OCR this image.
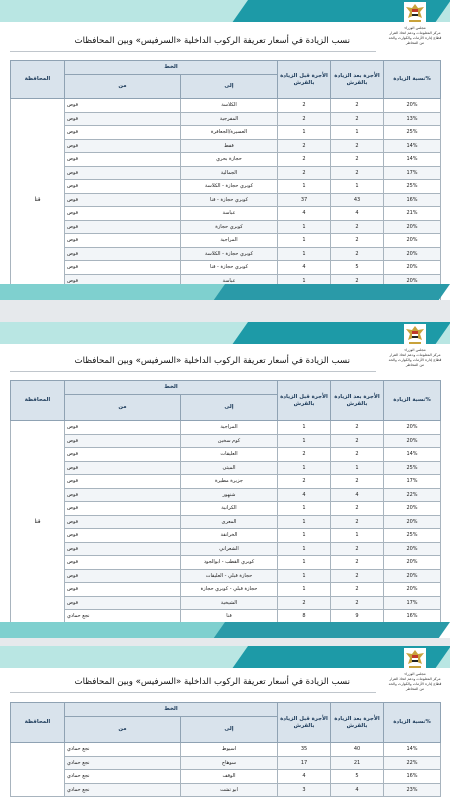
مجلس الوزراء
مركز المعلومات ودعم اتخاذ القرار
قطاع إدارة الأزمات والكوارث والحد من المخاطر
نسب الزيادة في أسعار تعريفة الركوب الداخلية «السرفيس» وبين المحافظات
%نسبة الزيادة	الأجرة بعد الزيادة بالقرش	الأجرة قبل الزيادة بالقرش	الخط		المحافظة
			إلى	من	
20%	2	2	الكلاسة	قوص	قنا
13%	2	2	المفرجية	قوص	
25%	1	1	العسيرة/الجعافرة	قوص	
14%	2	2	قفط	قوص	
14%	2	2	حجازة بحري	قوص	
17%	2	2	الجمالية	قوص	
25%	1	1	كوبري حجازة - الكلاسة	قوص	
16%	43	37	كوبري حجازة - قنا	قوص	
21%	4	4	عباسة	قوص	
20%	2	1	كوبري حجازة	قوص	
20%	2	1	المراجية	قوص	
20%	2	1	كوبري حجازة - الكلاسة	قوص	
20%	5	4	كوبري حجازة - قنا	قوص	
20%	2	1	عباسة	قوص	

مجلس الوزراء
مركز المعلومات ودعم اتخاذ القرار
قطاع إدارة الأزمات والكوارث والحد من المخاطر
نسب الزيادة في أسعار تعريفة الركوب الداخلية «السرفيس» وبين المحافظات
%نسبة الزيادة	الأجرة بعد الزيادة بالقرش	الأجرة قبل الزيادة بالقرش	الخط		المحافظة
			إلى	من	
20%	2	1	المراجية	قوص	قنا
20%	2	1	كوم سخين	قوص	
14%	2	2	العليقات	قوص	
25%	1	1	الميثى	قوص	
17%	2	2	جزيرة مطيرة	قوص	
22%	4	4	شنهور	قوص	
20%	2	1	الكرانية	قوص	
20%	2	1	المعرى	قوص	
25%	1	1	الخرانقة	قوص	
20%	2	1	الشعراني	قوص	
20%	2	1	كوبري القطب - ابوالجود	قوص	
20%	2	1	حجازة قبلي - العليقات	قوص	
20%	2	1	حجازة قبلي - كوبري حجازة	قوص	
17%	2	2	الشيخية	قوص	
16%	9	8	قنا	نجع حمادي	
مجلس الوزراء
مركز المعلومات ودعم اتخاذ القرار
قطاع إدارة الأزمات والكوارث والحد من المخاطر
نسب الزيادة في أسعار تعريفة الركوب الداخلية «السرفيس» وبين المحافظات
%نسبة الزيادة	الأجرة بعد الزيادة بالقرش	الأجرة قبل الزيادة بالقرش	الخط		المحافظة
			إلى	من	
14%	40	35	اسيوط	نجع حمادي	
22%	21	17	سوهاج	نجع حمادي	
16%	5	4	الوقف	نجع حمادي	
23%	4	3	ابو تشت	نجع حمادي	
